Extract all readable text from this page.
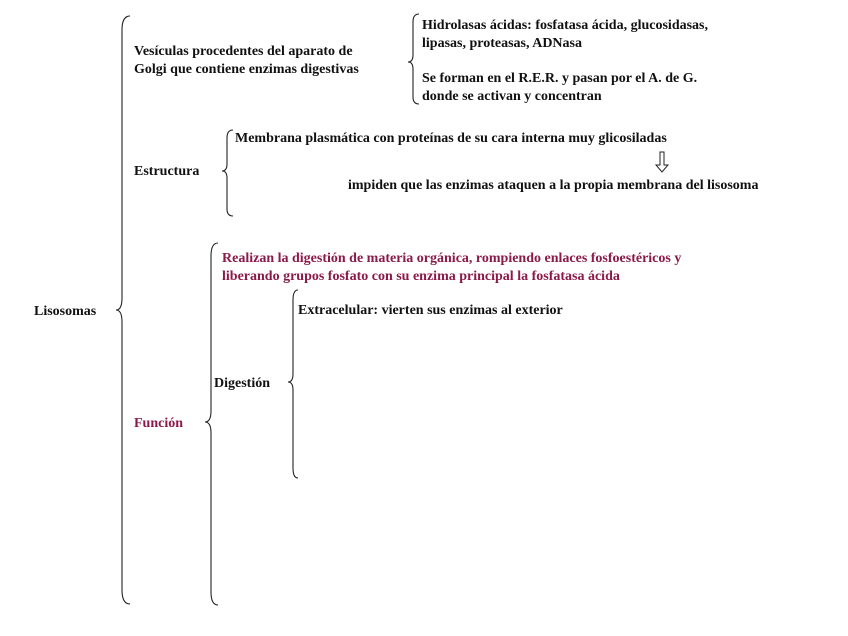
Lisosomas
Vesículas procedentes del aparato de
Golgi que contiene enzimas digestivas
Hidrolasas ácidas: fosfatasa ácida, glucosidasas,
lipasas, proteasas, ADNasa
Se forman en el R.E.R. y pasan por el A. de G.
donde se activan y concentran
Estructura
Membrana plasmática con proteínas de su cara interna muy glicosiladas
impiden que las enzimas ataquen a la propia membrana del lisosoma
Función
Realizan la digestión de materia orgánica, rompiendo enlaces fosfoestéricos y
liberando grupos fosfato con su enzima principal la fosfatasa ácida
Digestión
Extracelular: vierten sus enzimas al exterior
